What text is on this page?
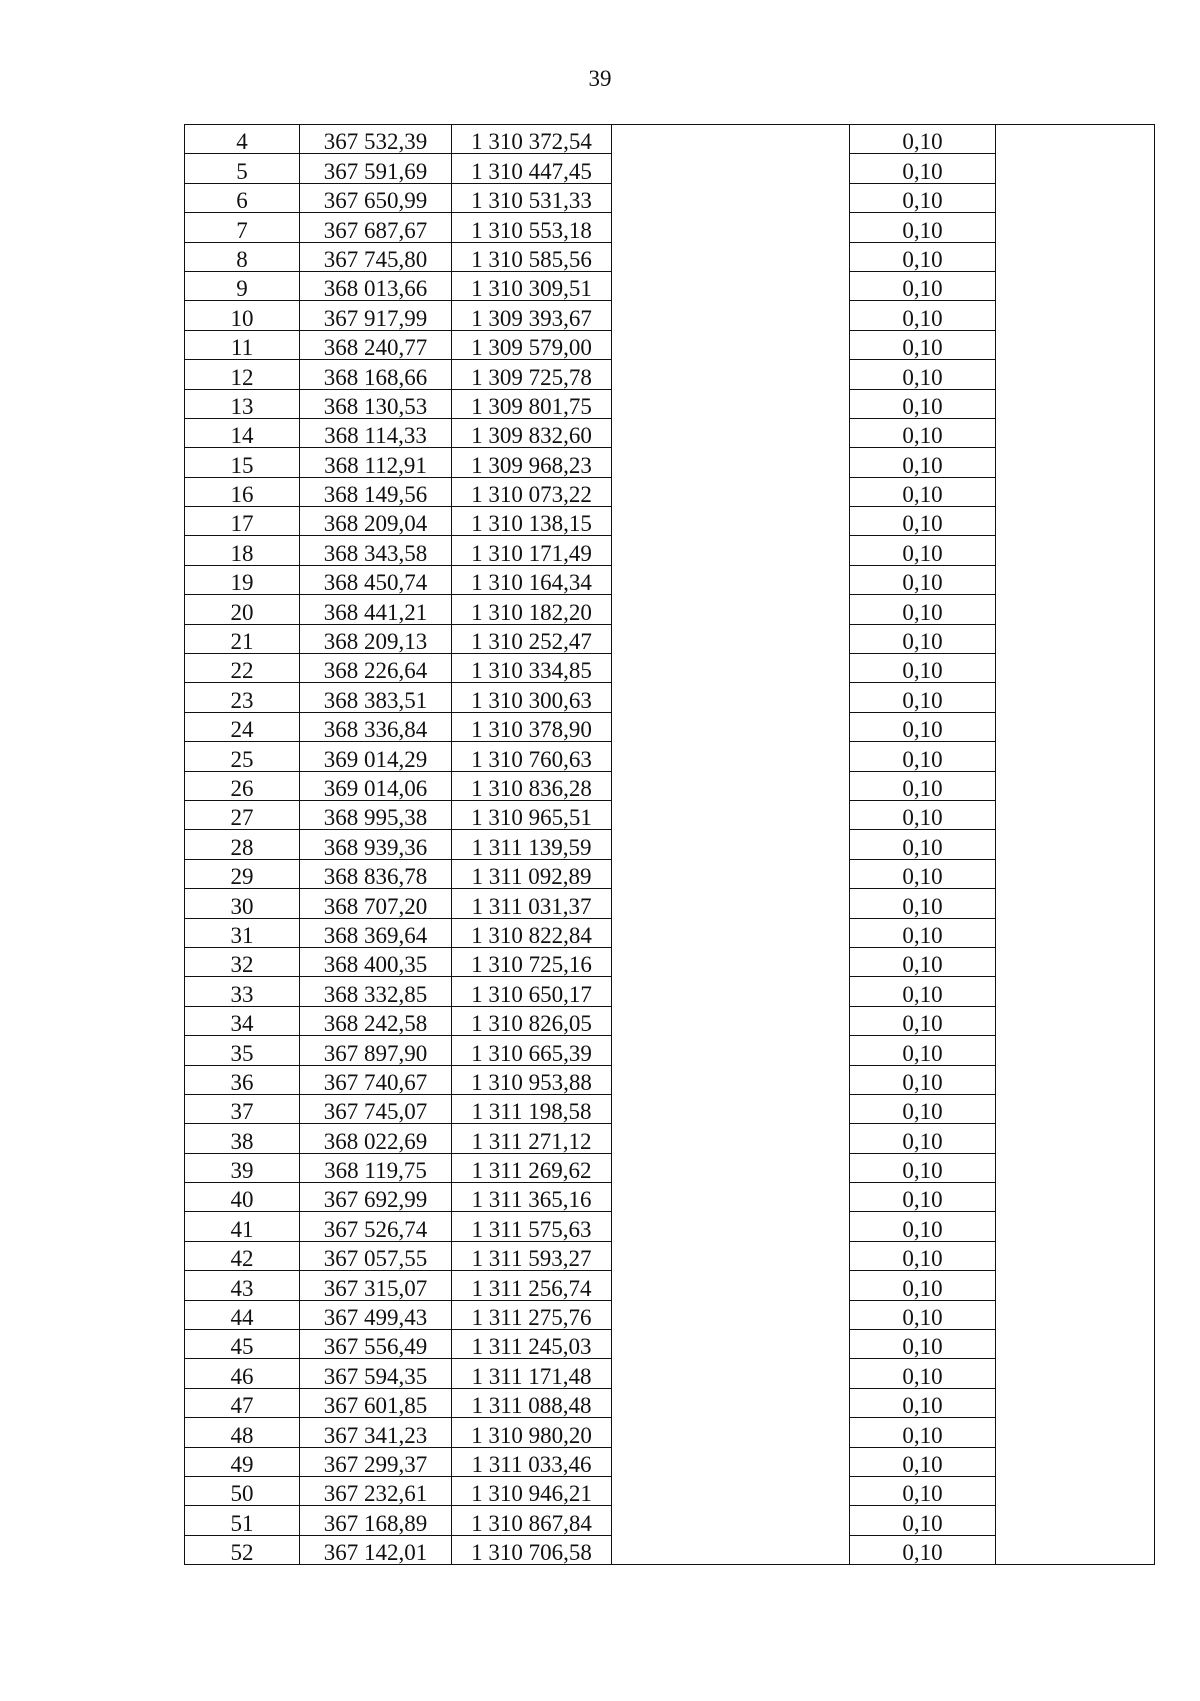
39
4	367 532,39	1 310 372,54		0,10	
5	367 591,69	1 310 447,45		0,10	
6	367 650,99	1 310 531,33		0,10	
7	367 687,67	1 310 553,18		0,10	
8	367 745,80	1 310 585,56		0,10	
9	368 013,66	1 310 309,51		0,10	
10	367 917,99	1 309 393,67		0,10	
11	368 240,77	1 309 579,00		0,10	
12	368 168,66	1 309 725,78		0,10	
13	368 130,53	1 309 801,75		0,10	
14	368 114,33	1 309 832,60		0,10	
15	368 112,91	1 309 968,23		0,10	
16	368 149,56	1 310 073,22		0,10	
17	368 209,04	1 310 138,15		0,10	
18	368 343,58	1 310 171,49		0,10	
19	368 450,74	1 310 164,34		0,10	
20	368 441,21	1 310 182,20		0,10	
21	368 209,13	1 310 252,47		0,10	
22	368 226,64	1 310 334,85		0,10	
23	368 383,51	1 310 300,63		0,10	
24	368 336,84	1 310 378,90		0,10	
25	369 014,29	1 310 760,63		0,10	
26	369 014,06	1 310 836,28		0,10	
27	368 995,38	1 310 965,51		0,10	
28	368 939,36	1 311 139,59		0,10	
29	368 836,78	1 311 092,89		0,10	
30	368 707,20	1 311 031,37		0,10	
31	368 369,64	1 310 822,84		0,10	
32	368 400,35	1 310 725,16		0,10	
33	368 332,85	1 310 650,17		0,10	
34	368 242,58	1 310 826,05		0,10	
35	367 897,90	1 310 665,39		0,10	
36	367 740,67	1 310 953,88		0,10	
37	367 745,07	1 311 198,58		0,10	
38	368 022,69	1 311 271,12		0,10	
39	368 119,75	1 311 269,62		0,10	
40	367 692,99	1 311 365,16		0,10	
41	367 526,74	1 311 575,63		0,10	
42	367 057,55	1 311 593,27		0,10	
43	367 315,07	1 311 256,74		0,10	
44	367 499,43	1 311 275,76		0,10	
45	367 556,49	1 311 245,03		0,10	
46	367 594,35	1 311 171,48		0,10	
47	367 601,85	1 311 088,48		0,10	
48	367 341,23	1 310 980,20		0,10	
49	367 299,37	1 311 033,46		0,10	
50	367 232,61	1 310 946,21		0,10	
51	367 168,89	1 310 867,84		0,10	
52	367 142,01	1 310 706,58		0,10	
